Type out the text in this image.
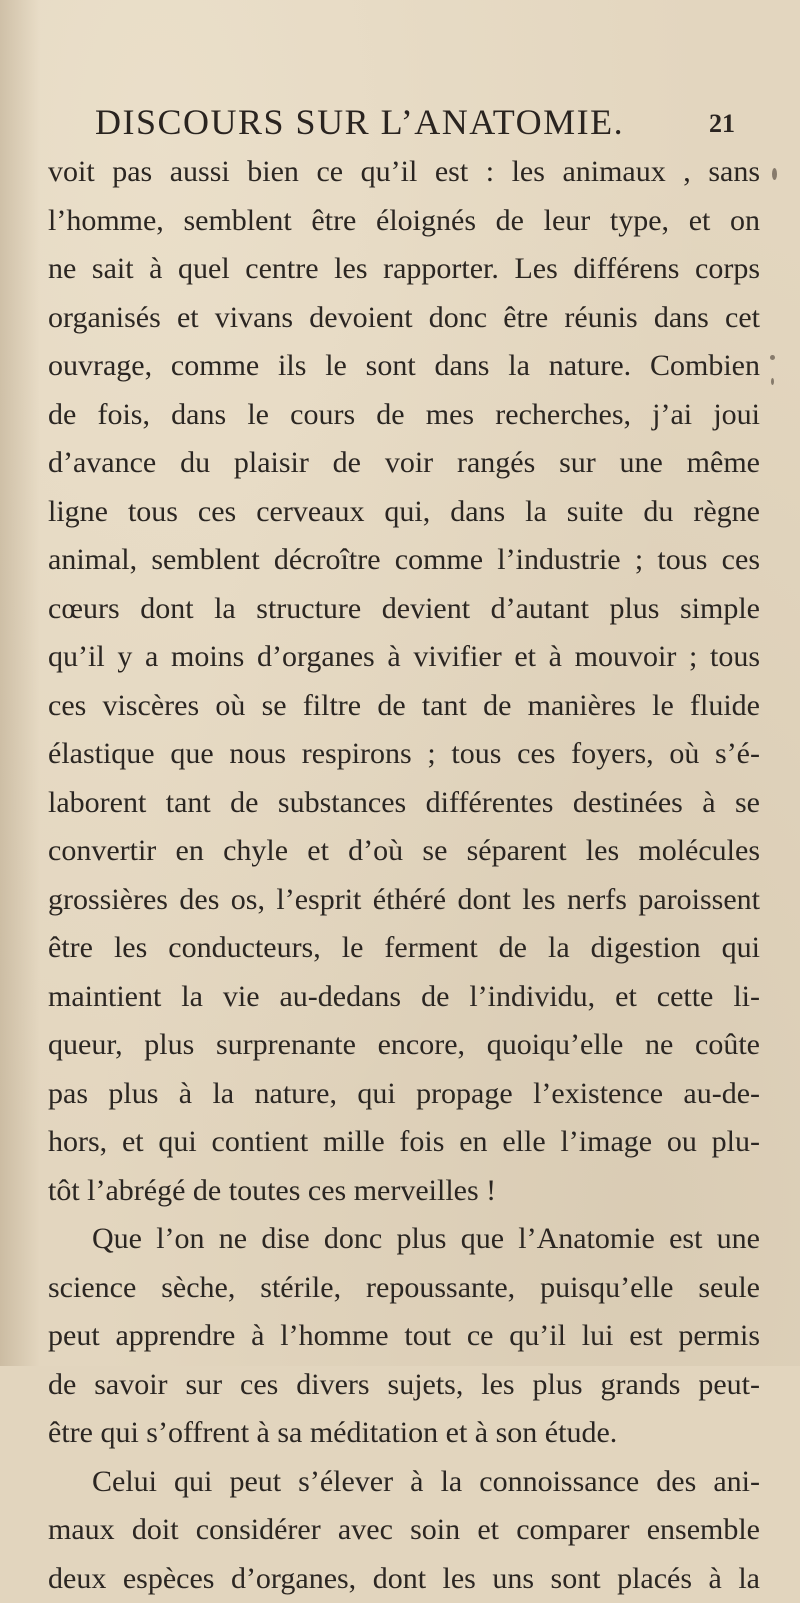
DISCOURS SUR L’ANATOMIE.	21
voit pas aussi bien ce qu’il est : les animaux , sans
l’homme, semblent être éloignés de leur type, et on
ne sait à quel centre les rapporter. Les différens corps
organisés et vivans devoient donc être réunis dans cet
ouvrage, comme ils le sont dans la nature. Combien
de fois, dans le cours de mes recherches, j’ai joui
d’avance du plaisir de voir rangés sur une même
ligne tous ces cerveaux qui, dans la suite du règne
animal, semblent décroître comme l’industrie ; tous ces
cœurs dont la structure devient d’autant plus simple
qu’il y a moins d’organes à vivifier et à mouvoir ; tous
ces viscères où se filtre de tant de manières le fluide
élastique que nous respirons ; tous ces foyers, où s’é-
laborent tant de substances différentes destinées à se
convertir en chyle et d’où se séparent les molécules
grossières des os, l’esprit éthéré dont les nerfs paroissent
être les conducteurs, le ferment de la digestion qui
maintient la vie au-dedans de l’individu, et cette li-
queur, plus surprenante encore, quoiqu’elle ne coûte
pas plus à la nature, qui propage l’existence au-de-
hors, et qui contient mille fois en elle l’image ou plu-
tôt l’abrégé de toutes ces merveilles !
Que l’on ne dise donc plus que l’Anatomie est une
science sèche, stérile, repoussante, puisqu’elle seule
peut apprendre à l’homme tout ce qu’il lui est permis
de savoir sur ces divers sujets, les plus grands peut-
être qui s’offrent à sa méditation et à son étude.
Celui qui peut s’élever à la connoissance des ani-
maux doit considérer avec soin et comparer ensemble
deux espèces d’organes, dont les uns sont placés à la
